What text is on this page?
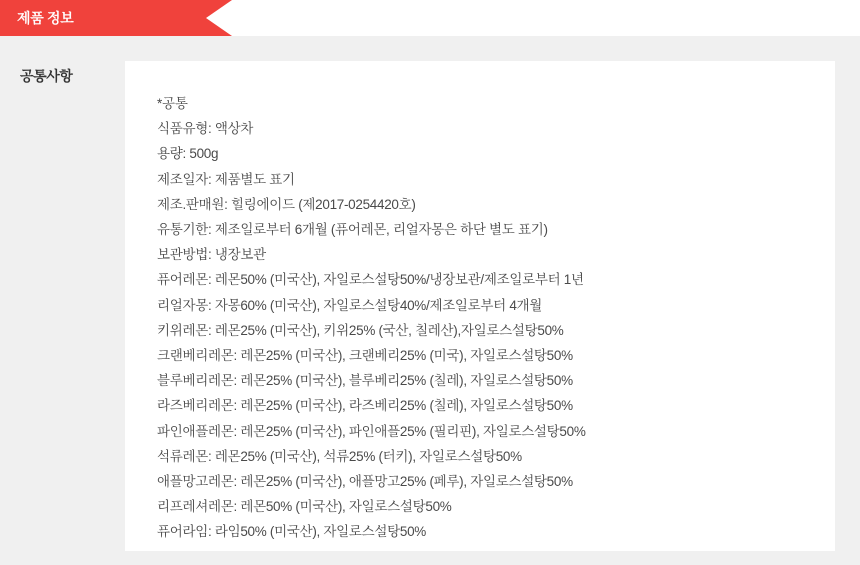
제품 정보
공통사항
*공통
식품유형: 액상차
용량: 500g
제조일자: 제품별도 표기
제조.판매원: 힐링에이드 (제2017-0254420호)
유통기한: 제조일로부터 6개월 (퓨어레몬, 리얼자몽은 하단 별도 표기)
보관방법: 냉장보관
퓨어레몬: 레몬50% (미국산), 자일로스설탕50%/냉장보관/제조일로부터 1년
리얼자몽: 자몽60% (미국산), 자일로스설탕40%/제조일로부터 4개월
키위레몬: 레몬25% (미국산), 키위25% (국산, 칠레산),자일로스설탕50%
크랜베리레몬: 레몬25% (미국산), 크랜베리25% (미국), 자일로스설탕50%
블루베리레몬: 레몬25% (미국산), 블루베리25% (칠레), 자일로스설탕50%
라즈베리레몬: 레몬25% (미국산), 라즈베리25% (칠레), 자일로스설탕50%
파인애플레몬: 레몬25% (미국산), 파인애플25% (필리핀), 자일로스설탕50%
석류레몬: 레몬25% (미국산), 석류25% (터키), 자일로스설탕50%
애플망고레몬: 레몬25% (미국산), 애플망고25% (페루), 자일로스설탕50%
리프레셔레몬: 레몬50% (미국산), 자일로스설탕50%
퓨어라임: 라임50% (미국산), 자일로스설탕50%
